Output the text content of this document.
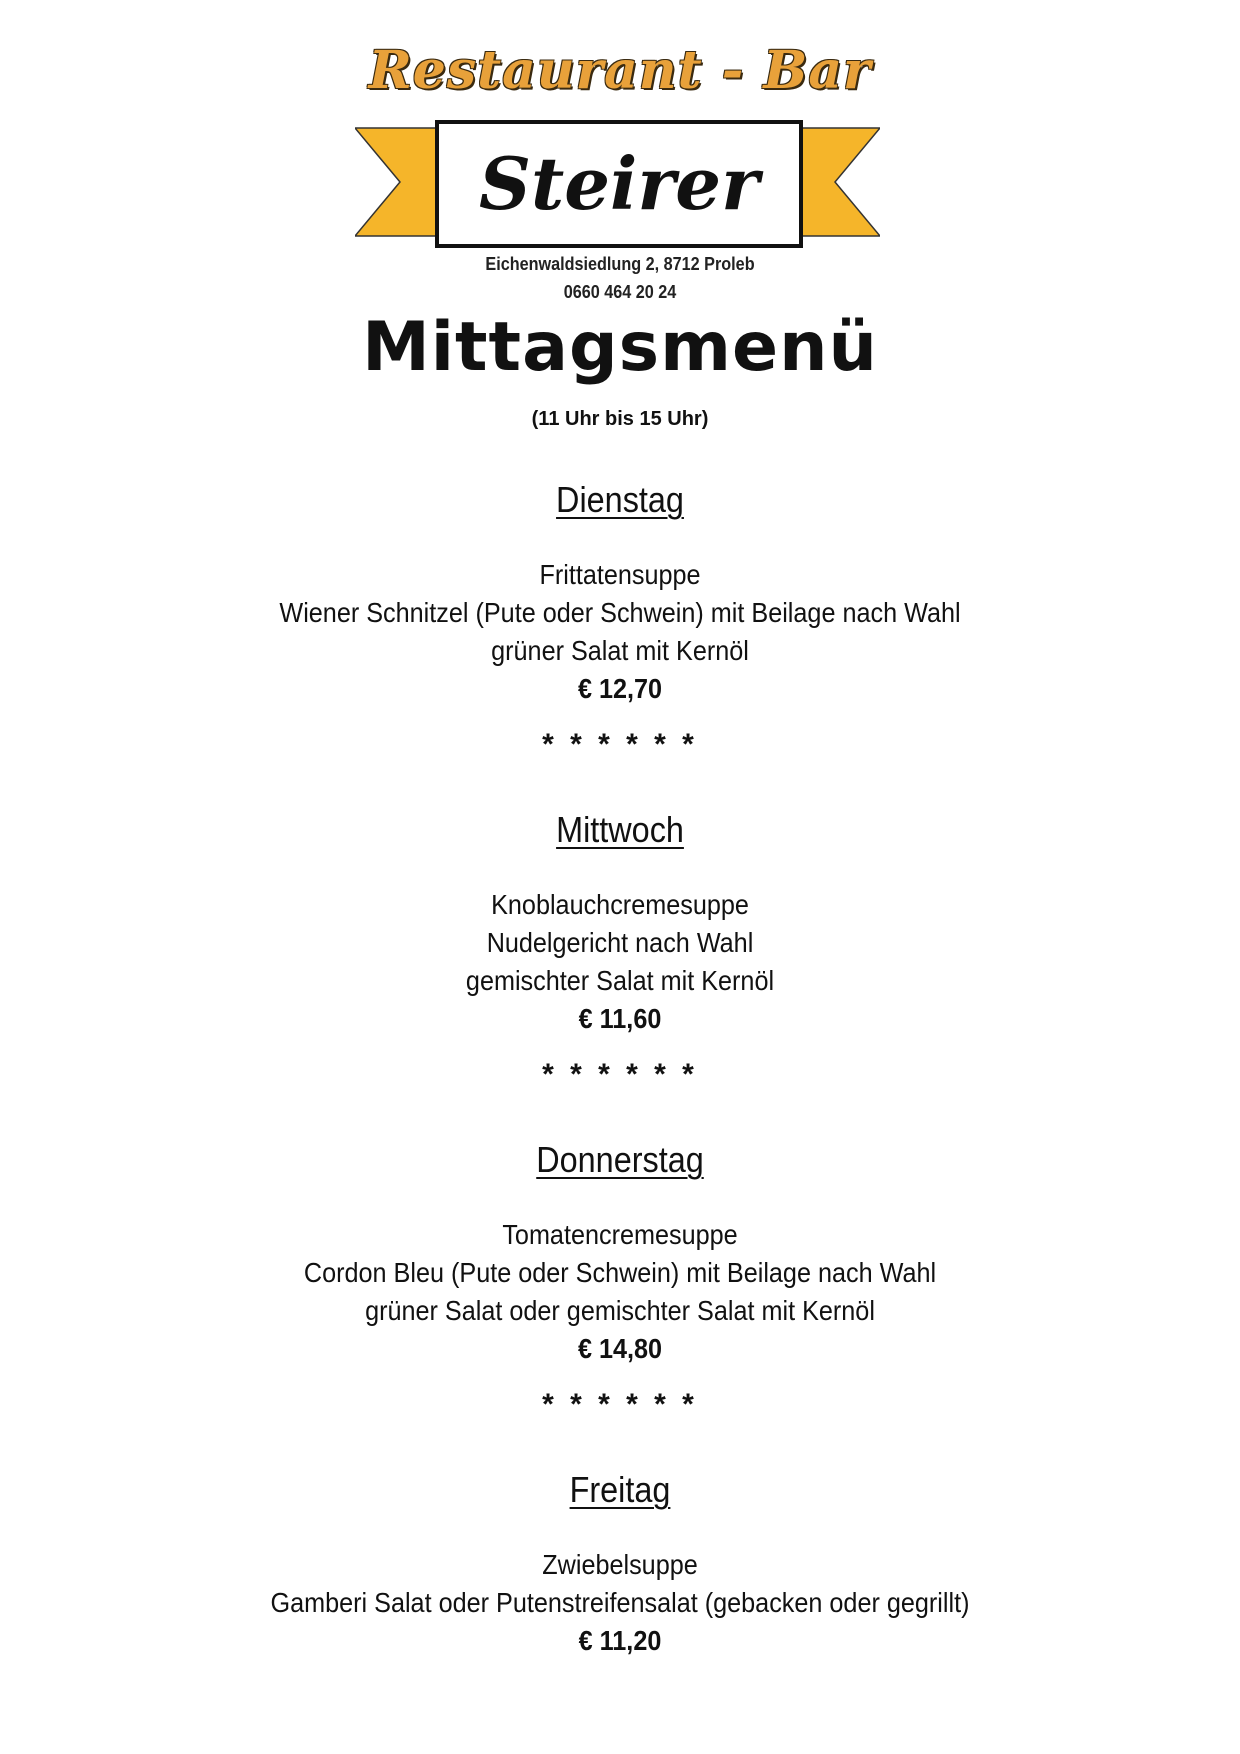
Restaurant - Bar
Steirer
Eichenwaldsiedlung 2, 8712 Proleb
0660 464 20 24
Mittagsmenü
(11 Uhr bis 15 Uhr)
Dienstag
Frittatensuppe
Wiener Schnitzel (Pute oder Schwein) mit Beilage nach Wahl
grüner Salat mit Kernöl
€ 12,70
* * * * * *
Mittwoch
Knoblauchcremesuppe
Nudelgericht nach Wahl
gemischter Salat mit Kernöl
€ 11,60
* * * * * *
Donnerstag
Tomatencremesuppe
Cordon Bleu (Pute oder Schwein) mit Beilage nach Wahl
grüner Salat oder gemischter Salat mit Kernöl
€ 14,80
* * * * * *
Freitag
Zwiebelsuppe
Gamberi Salat oder Putenstreifensalat (gebacken oder gegrillt)
€ 11,20
